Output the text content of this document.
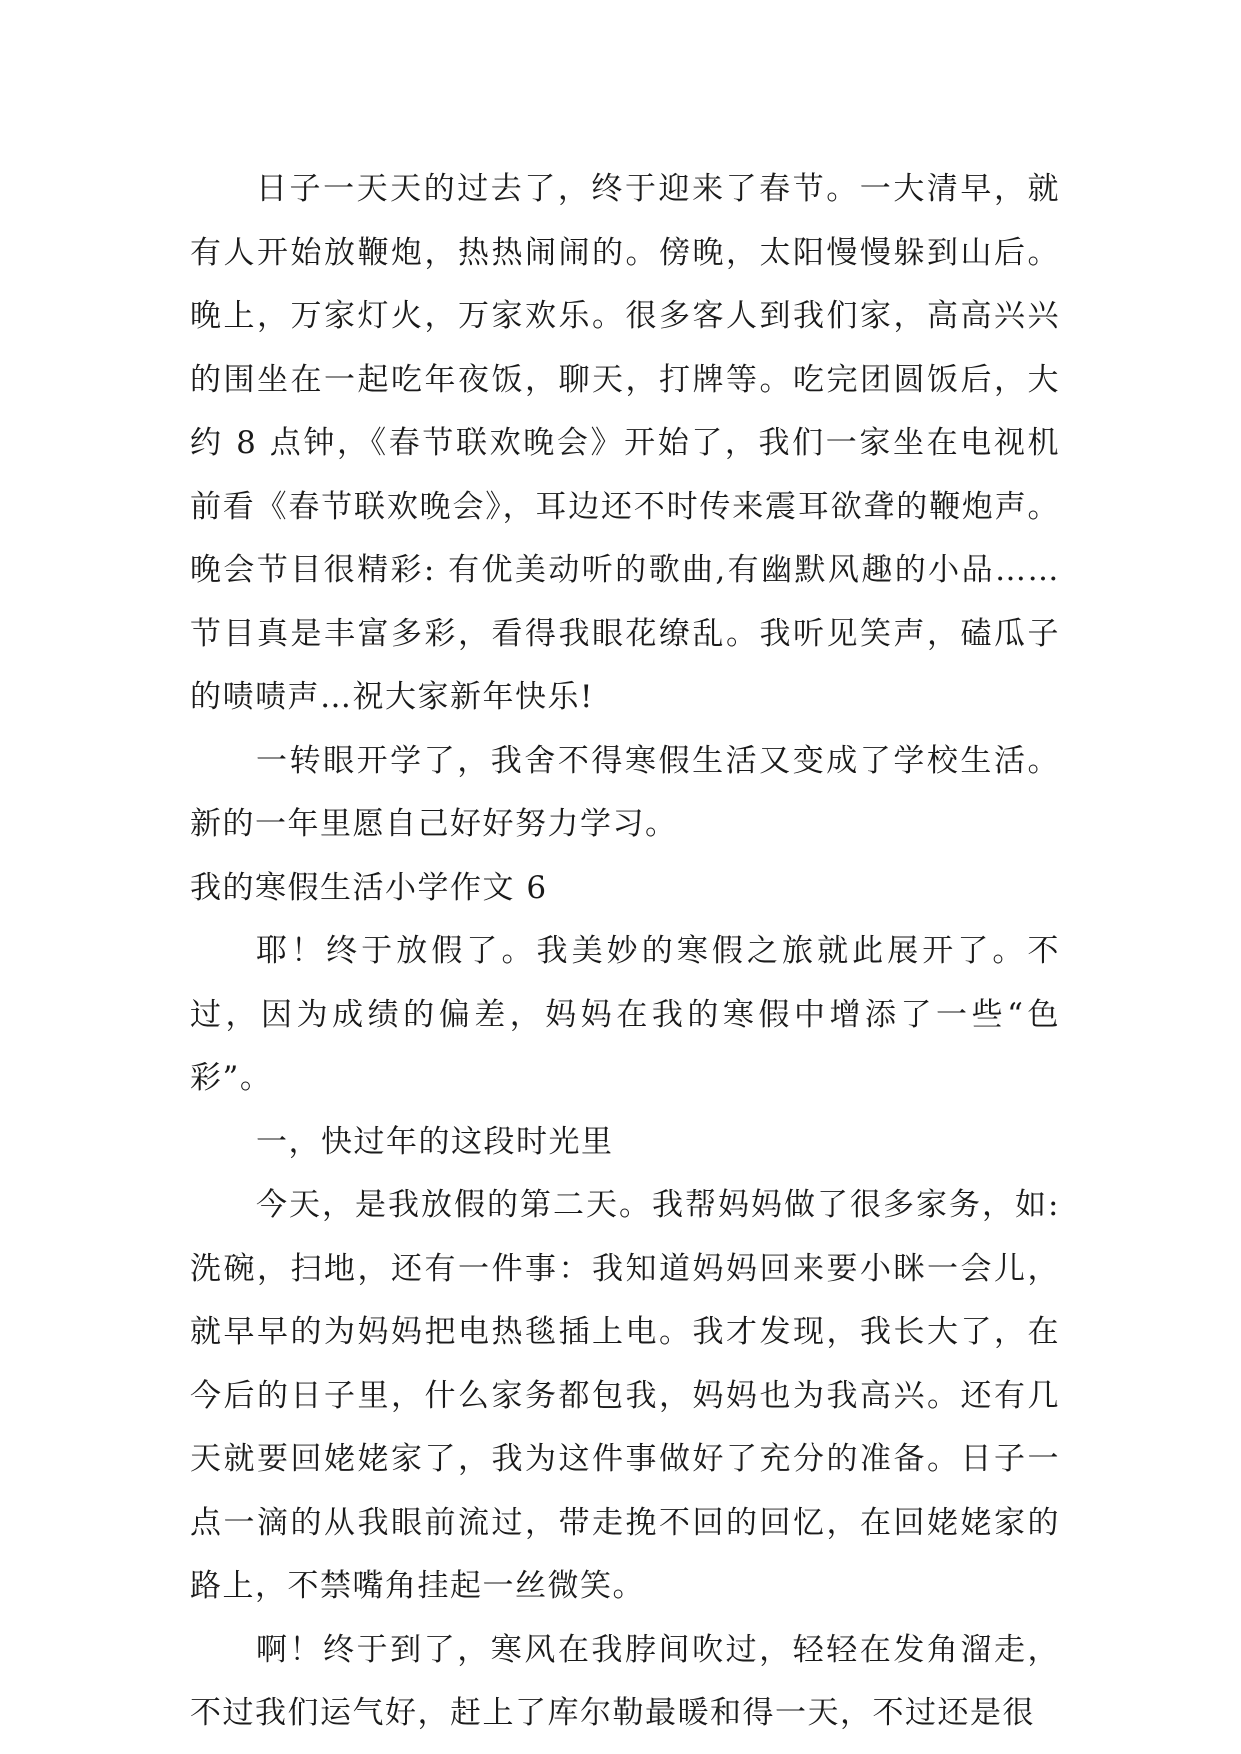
日子一天天的过去了，终于迎来了春节。一大清早，就有人开始放鞭炮，热热闹闹的。傍晚，太阳慢慢躲到山后。晚上，万家灯火，万家欢乐。很多客人到我们家，高高兴兴的围坐在一起吃年夜饭，聊天，打牌等。吃完团圆饭后，大约 8 点钟，《春节联欢晚会》开始了，我们一家坐在电视机前看《春节联欢晚会》，耳边还不时传来震耳欲聋的鞭炮声。晚会节目很精彩: 有优美动听的歌曲,有幽默风趣的小品……节目真是丰富多彩，看得我眼花缭乱。我听见笑声，磕瓜子的啧啧声…祝大家新年快乐!

一转眼开学了，我舍不得寒假生活又变成了学校生活。新的一年里愿自己好好努力学习。

我的寒假生活小学作文 6

耶！终于放假了。我美妙的寒假之旅就此展开了。不过，因为成绩的偏差，妈妈在我的寒假中增添了一些“色彩”。

一，快过年的这段时光里

今天，是我放假的第二天。我帮妈妈做了很多家务，如: 洗碗，扫地，还有一件事：我知道妈妈回来要小眯一会儿，就早早的为妈妈把电热毯插上电。我才发现，我长大了，在今后的日子里，什么家务都包我，妈妈也为我高兴。还有几天就要回姥姥家了，我为这件事做好了充分的准备。日子一点一滴的从我眼前流过，带走挽不回的回忆，在回姥姥家的路上，不禁嘴角挂起一丝微笑。

啊！终于到了，寒风在我脖间吹过，轻轻在发角溜走，不过我们运气好，赶上了库尔勒最暖和得一天，不过还是很
